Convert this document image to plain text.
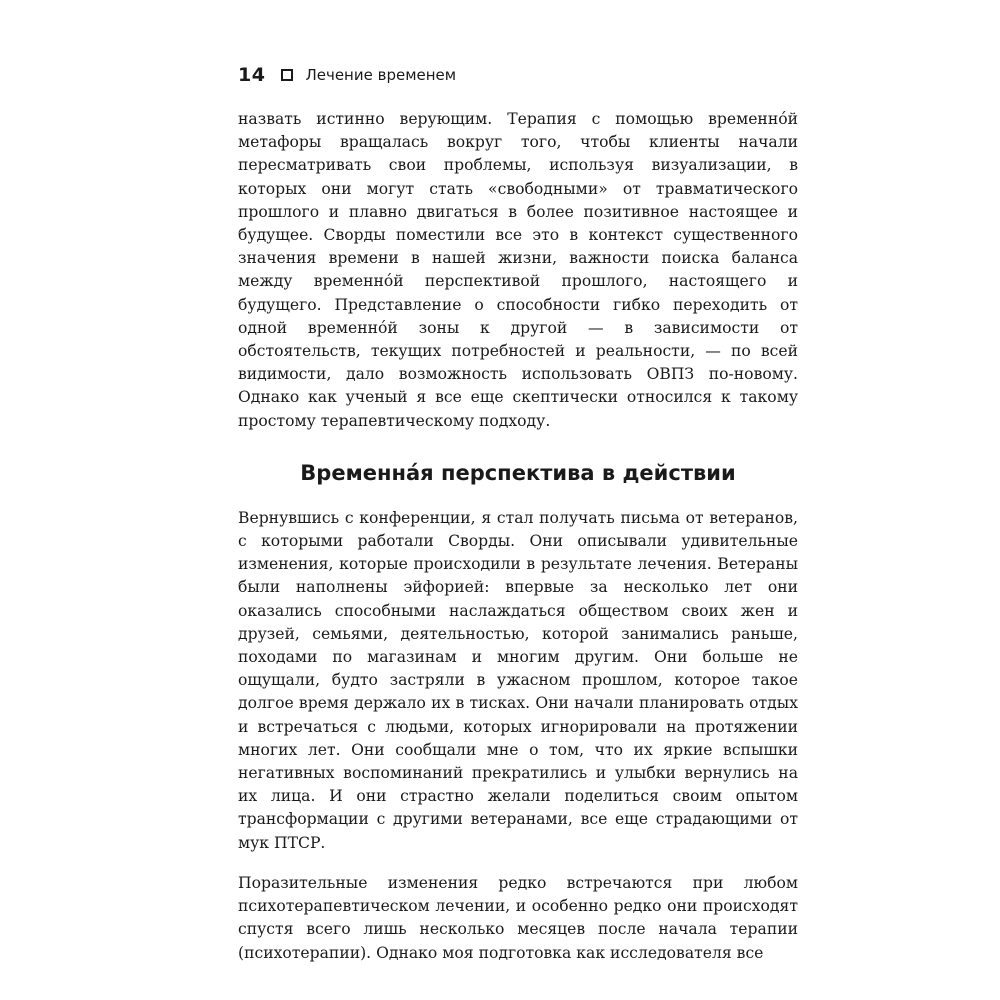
14	Лечение временем

назвать истинно верующим. Терапия с помощью временнóй метафоры вращалась вокруг того, чтобы клиенты начали пересматривать свои проблемы, используя визуализации, в которых они могут стать «свободными» от травматического прошлого и плавно двигаться в более позитивное настоящее и будущее. Своpды поместили все это в контекст существенного значения времени в нашей жизни, важности поиска баланса между временнóй перспективой прошлого, настоящего и будущего. Представление о способности гибко переходить от одной временнóй зоны к другой — в зависимости от обстоятельств, текущих потребностей и реальности, — по всей видимости, дало возможность использовать ОВПЗ по-новому. Однако как ученый я все еще скептически относился к такому простому терапевтическому подходу.

Временнáя перспектива в действии

Вернувшись с конференции, я стал получать письма от ветеранов, с которыми работали Своpды. Они описывали удивительные изменения, которые происходили в результате лечения. Ветераны были наполнены эйфорией: впервые за несколько лет они оказались способными наслаждаться обществом своих жен и друзей, семьями, деятельностью, которой занимались раньше, походами по магазинам и многим другим. Они больше не ощущали, будто застряли в ужасном прошлом, которое такое долгое время держало их в тисках. Они начали планировать отдых и встречаться с людьми, которых игнорировали на протяжении многих лет. Они сообщали мне о том, что их яркие вспышки негативных воспоминаний прекратились и улыбки вернулись на их лица. И они страстно желали поделиться своим опытом трансформации с другими ветеранами, все еще страдающими от мук ПТСР.

Поразительные изменения редко встречаются при любом психотерапевтическом лечении, и особенно редко они происходят спустя всего лишь несколько месяцев после начала терапии (психотерапии). Однако моя подготовка как исследователя все
